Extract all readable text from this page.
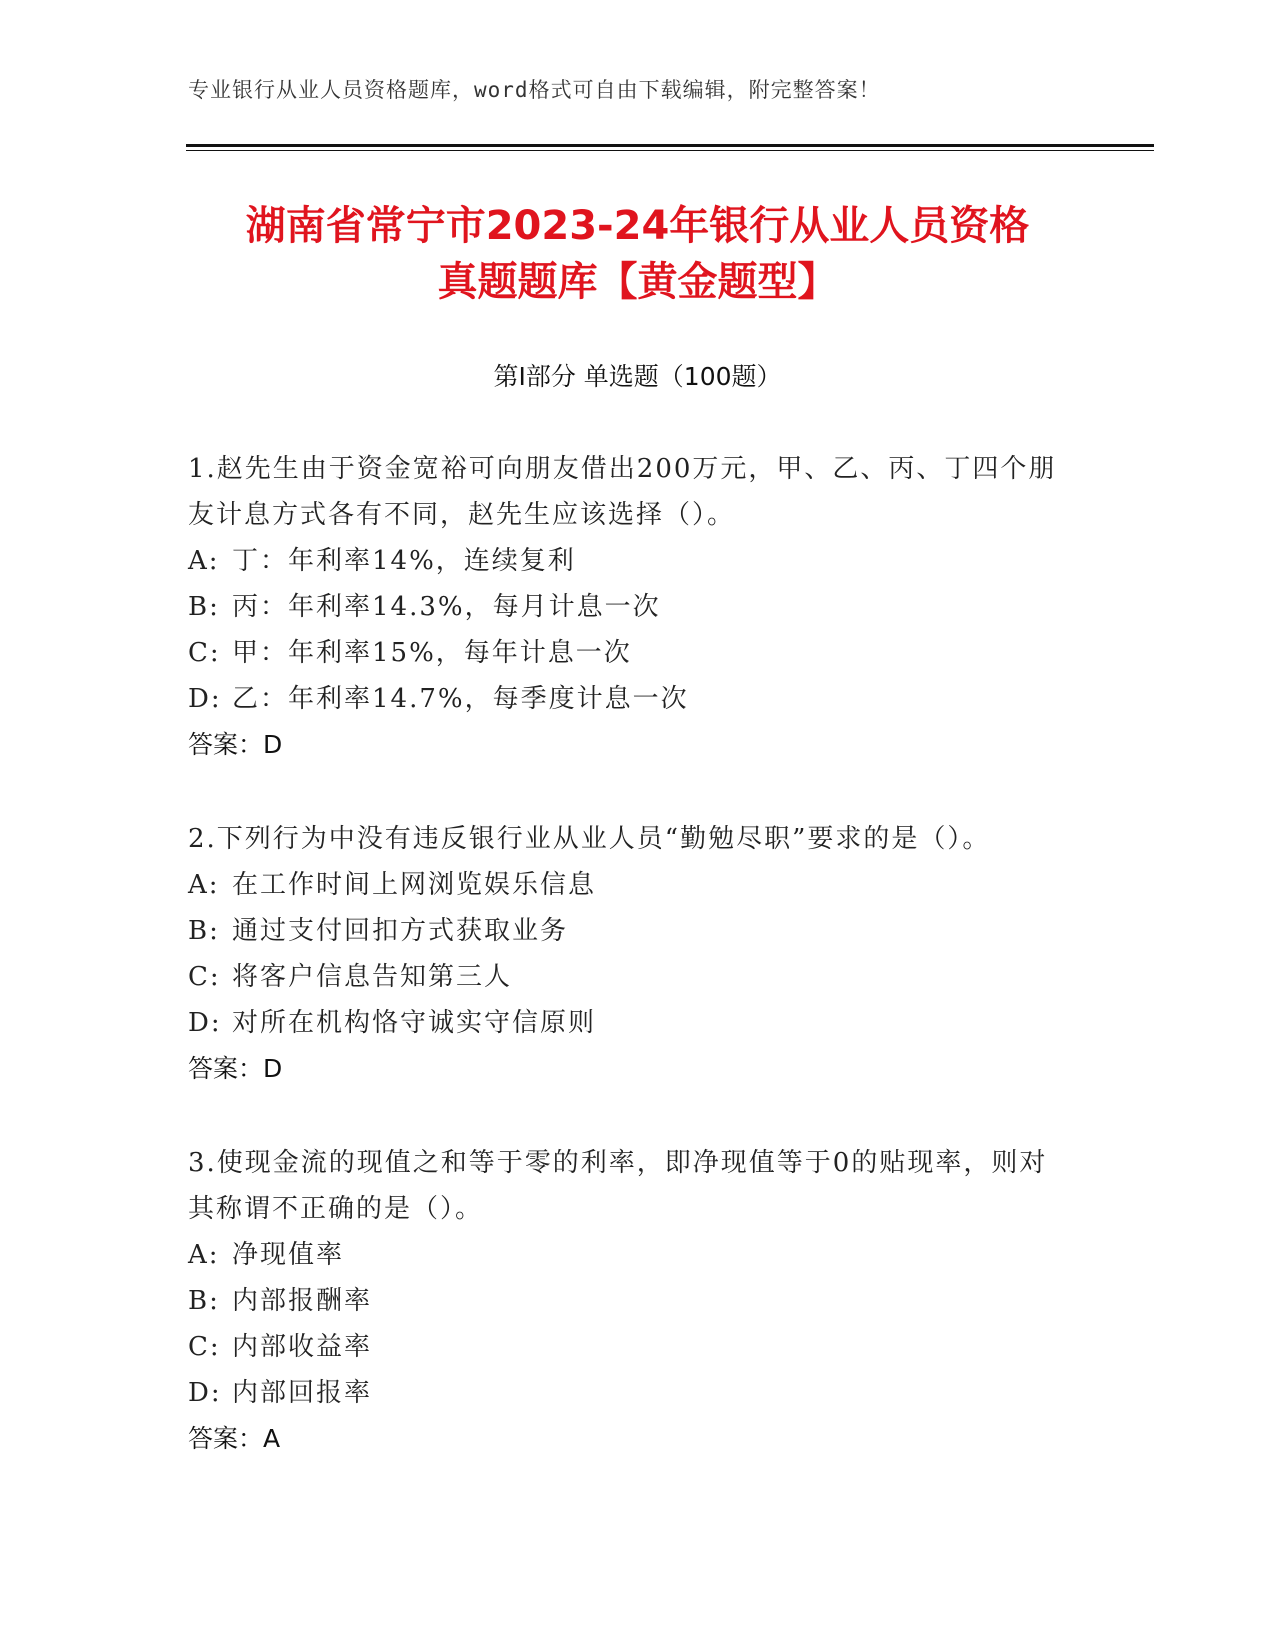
专业银行从业人员资格题库，word格式可自由下载编辑，附完整答案！
湖南省常宁市2023-24年银行从业人员资格
真题题库【黄金题型】
第Ⅰ部分 单选题（100题）
1.赵先生由于资金宽裕可向朋友借出200万元，甲、乙、丙、丁四个朋友计息方式各有不同，赵先生应该选择（）。
A: 丁：年利率14%，连续复利
B: 丙：年利率14.3%，每月计息一次
C: 甲：年利率15%，每年计息一次
D: 乙：年利率14.7%，每季度计息一次
答案：D
2.下列行为中没有违反银行业从业人员“勤勉尽职”要求的是（）。
A: 在工作时间上网浏览娱乐信息
B: 通过支付回扣方式获取业务
C: 将客户信息告知第三人
D: 对所在机构恪守诚实守信原则
答案：D
3.使现金流的现值之和等于零的利率，即净现值等于0的贴现率，则对其称谓不正确的是（）。
A: 净现值率
B: 内部报酬率
C: 内部收益率
D: 内部回报率
答案：A
